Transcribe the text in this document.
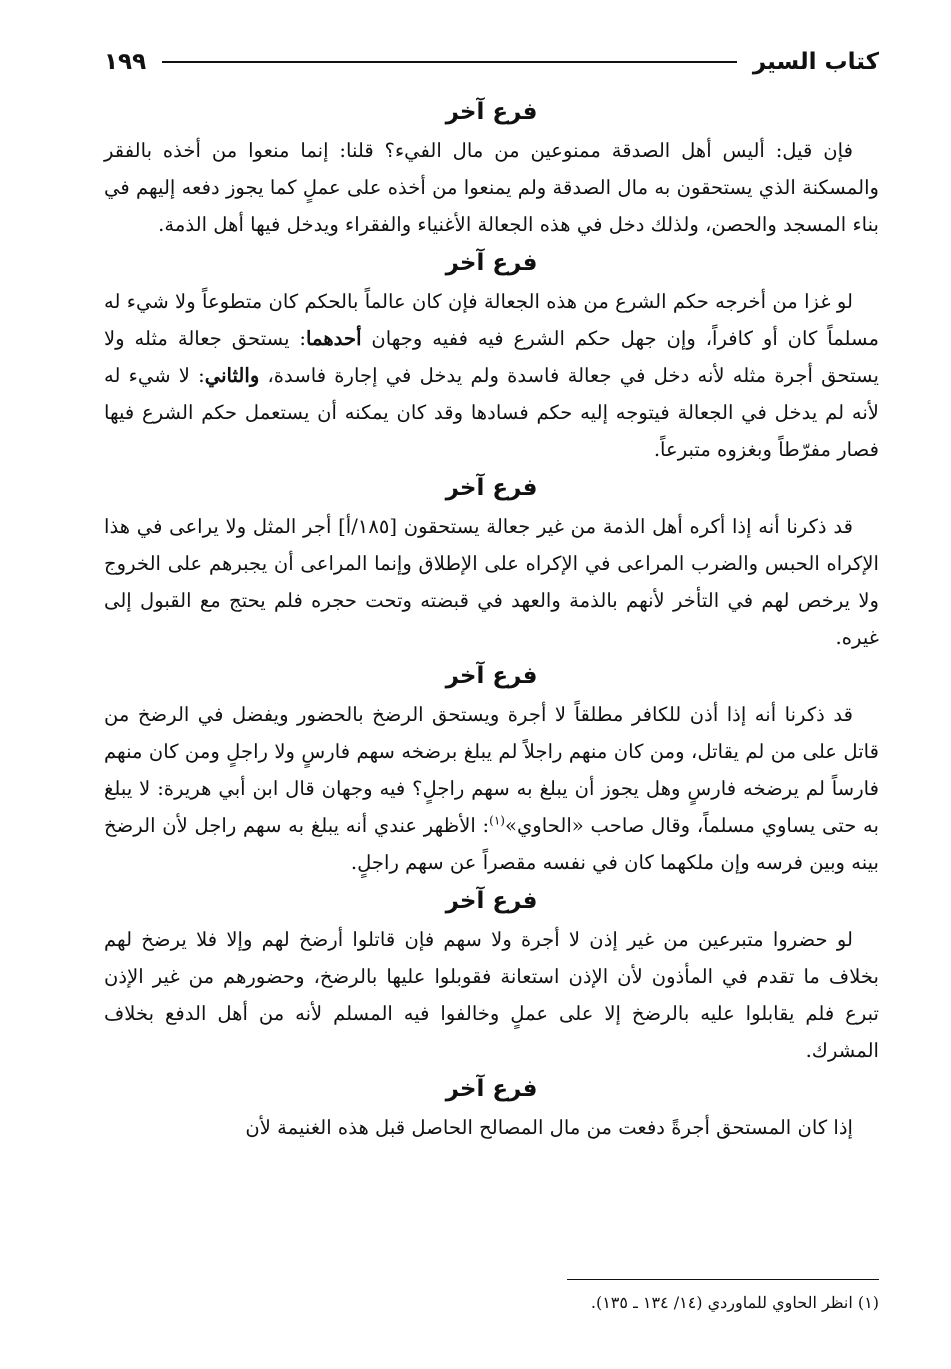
كتاب السير
١٩٩
فرع آخر

فإن قيل: أليس أهل الصدقة ممنوعين من مال الفيء؟ قلنا: إنما منعوا من أخذه بالفقر والمسكنة الذي يستحقون به مال الصدقة ولم يمنعوا من أخذه على عملٍ كما يجوز دفعه إليهم في بناء المسجد والحصن، ولذلك دخل في هذه الجعالة الأغنياء والفقراء ويدخل فيها أهل الذمة.

فرع آخر

لو غزا من أخرجه حكم الشرع من هذه الجعالة فإن كان عالماً بالحكم كان متطوعاً ولا شيء له مسلماً كان أو كافراً، وإن جهل حكم الشرع فيه ففيه وجهان أحدهما: يستحق جعالة مثله ولا يستحق أجرة مثله لأنه دخل في جعالة فاسدة ولم يدخل في إجارة فاسدة، والثاني: لا شيء له لأنه لم يدخل في الجعالة فيتوجه إليه حكم فسادها وقد كان يمكنه أن يستعمل حكم الشرع فيها فصار مفرّطاً وبغزوه متبرعاً.

فرع آخر

قد ذكرنا أنه إذا أكره أهل الذمة من غير جعالة يستحقون [١٨٥/أ] أجر المثل ولا يراعى في هذا الإكراه الحبس والضرب المراعى في الإكراه على الإطلاق وإنما المراعى أن يجبرهم على الخروج ولا يرخص لهم في التأخر لأنهم بالذمة والعهد في قبضته وتحت حجره فلم يحتج مع القبول إلى غيره.

فرع آخر

قد ذكرنا أنه إذا أذن للكافر مطلقاً لا أجرة ويستحق الرضخ بالحضور ويفضل في الرضخ من قاتل على من لم يقاتل، ومن كان منهم راجلاً لم يبلغ برضخه سهم فارسٍ ولا راجلٍ ومن كان منهم فارساً لم يرضخه فارسٍ وهل يجوز أن يبلغ به سهم راجلٍ؟ فيه وجهان قال ابن أبي هريرة: لا يبلغ به حتى يساوي مسلماً، وقال صاحب «الحاوي»$^{(١)}$: الأظهر عندي أنه يبلغ به سهم راجل لأن الرضخ بينه وبين فرسه وإن ملكهما كان في نفسه مقصراً عن سهم راجلٍ.

فرع آخر

لو حضروا متبرعين من غير إذن لا أجرة ولا سهم فإن قاتلوا أرضخ لهم وإلا فلا يرضخ لهم بخلاف ما تقدم في المأذون لأن الإذن استعانة فقوبلوا عليها بالرضخ، وحضورهم من غير الإذن تبرع فلم يقابلوا عليه بالرضخ إلا على عملٍ وخالفوا فيه المسلم لأنه من أهل الدفع بخلاف المشرك.

فرع آخر

إذا كان المستحق أجرةً دفعت من مال المصالح الحاصل قبل هذه الغنيمة لأن

(١) انظر الحاوي للماوردي (١٤/ ١٣٤ ـ ١٣٥).
